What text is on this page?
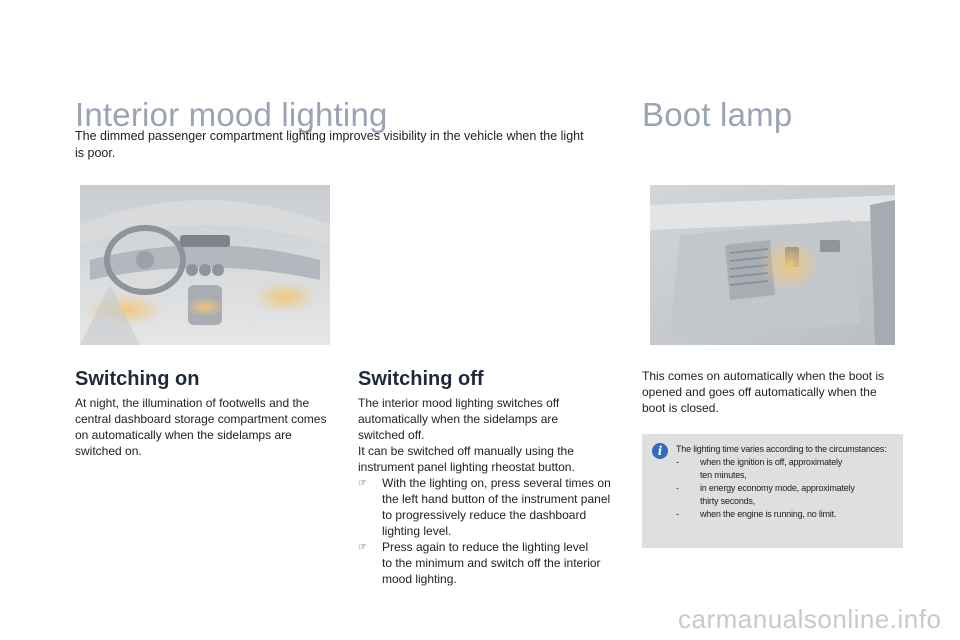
Interior mood lighting	Boot lamp
The dimmed passenger compartment lighting improves visibility in the vehicle when the light
is poor.
Switching on
At night, the illumination of footwells and the
central dashboard storage compartment comes
on automatically when the sidelamps are
switched on.
Switching off
The interior mood lighting switches off
automatically when the sidelamps are
switched off.
It can be switched off manually using the
instrument panel lighting rheostat button.
☞	With the lighting on, press several times on
the left hand button of the instrument panel
to progressively reduce the dashboard
lighting level.
☞	Press again to reduce the lighting level
to the minimum and switch off the interior
mood lighting.
This comes on automatically when the boot is
opened and goes off automatically when the
boot is closed.
i	The lighting time varies according to the circumstances:
-	when the ignition is off, approximately
ten minutes,
-	in energy economy mode, approximately
thirty seconds,
-	when the engine is running, no limit.
carmanualsonline.info
